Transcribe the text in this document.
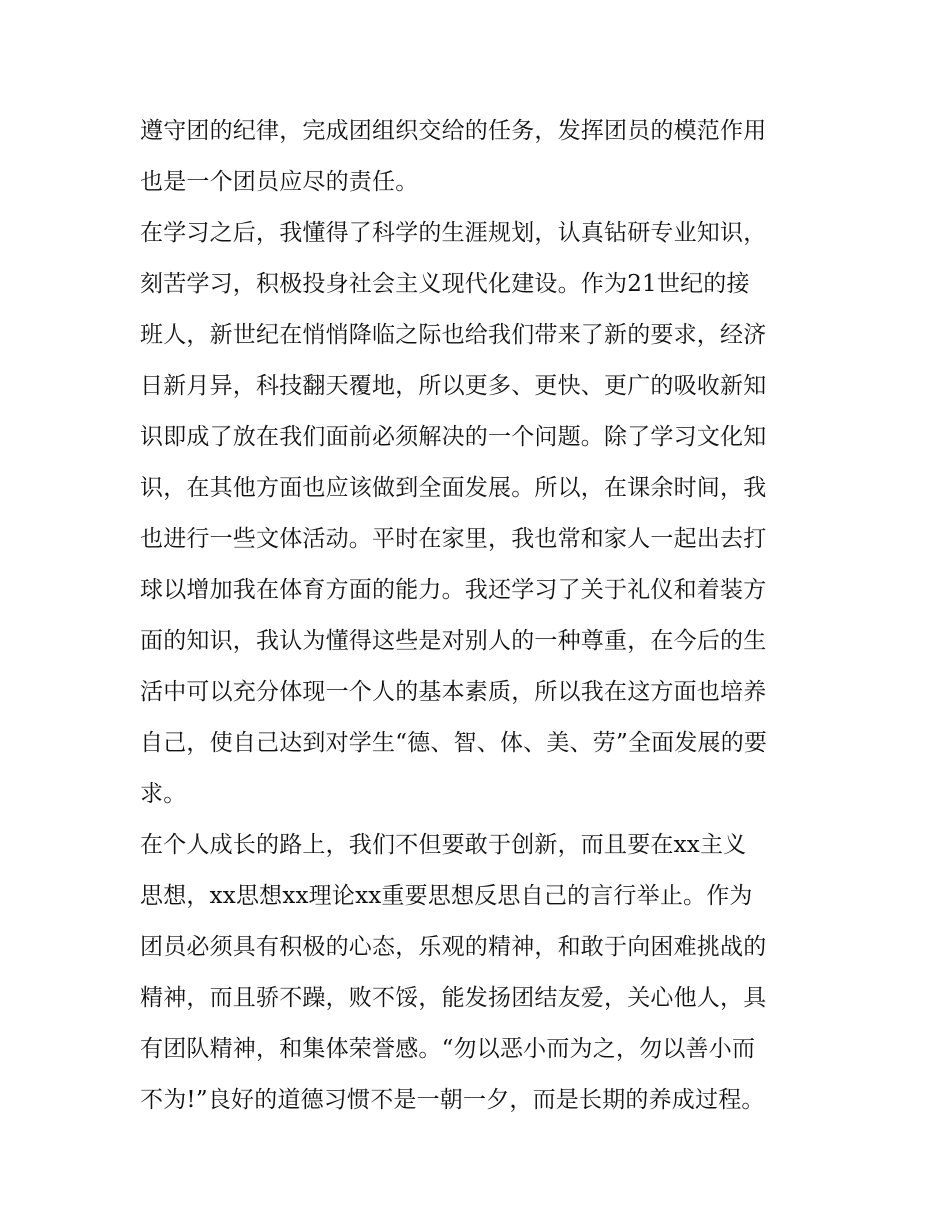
遵守团的纪律，完成团组织交给的任务，发挥团员的模范作用
也是一个团员应尽的责任。
在学习之后，我懂得了科学的生涯规划，认真钻研专业知识，
刻苦学习，积极投身社会主义现代化建设。作为21世纪的接
班人，新世纪在悄悄降临之际也给我们带来了新的要求，经济
日新月异，科技翻天覆地，所以更多、更快、更广的吸收新知
识即成了放在我们面前必须解决的一个问题。除了学习文化知
识，在其他方面也应该做到全面发展。所以，在课余时间，我
也进行一些文体活动。平时在家里，我也常和家人一起出去打
球以增加我在体育方面的能力。我还学习了关于礼仪和着装方
面的知识，我认为懂得这些是对别人的一种尊重，在今后的生
活中可以充分体现一个人的基本素质，所以我在这方面也培养
自己，使自己达到对学生“德、智、体、美、劳”全面发展的要
求。
在个人成长的路上，我们不但要敢于创新，而且要在xx主义
思想，xx思想xx理论xx重要思想反思自己的言行举止。作为
团员必须具有积极的心态，乐观的精神，和敢于向困难挑战的
精神，而且骄不躁，败不馁，能发扬团结友爱，关心他人，具
有团队精神，和集体荣誉感。“勿以恶小而为之，勿以善小而
不为!”良好的道德习惯不是一朝一夕，而是长期的养成过程。
